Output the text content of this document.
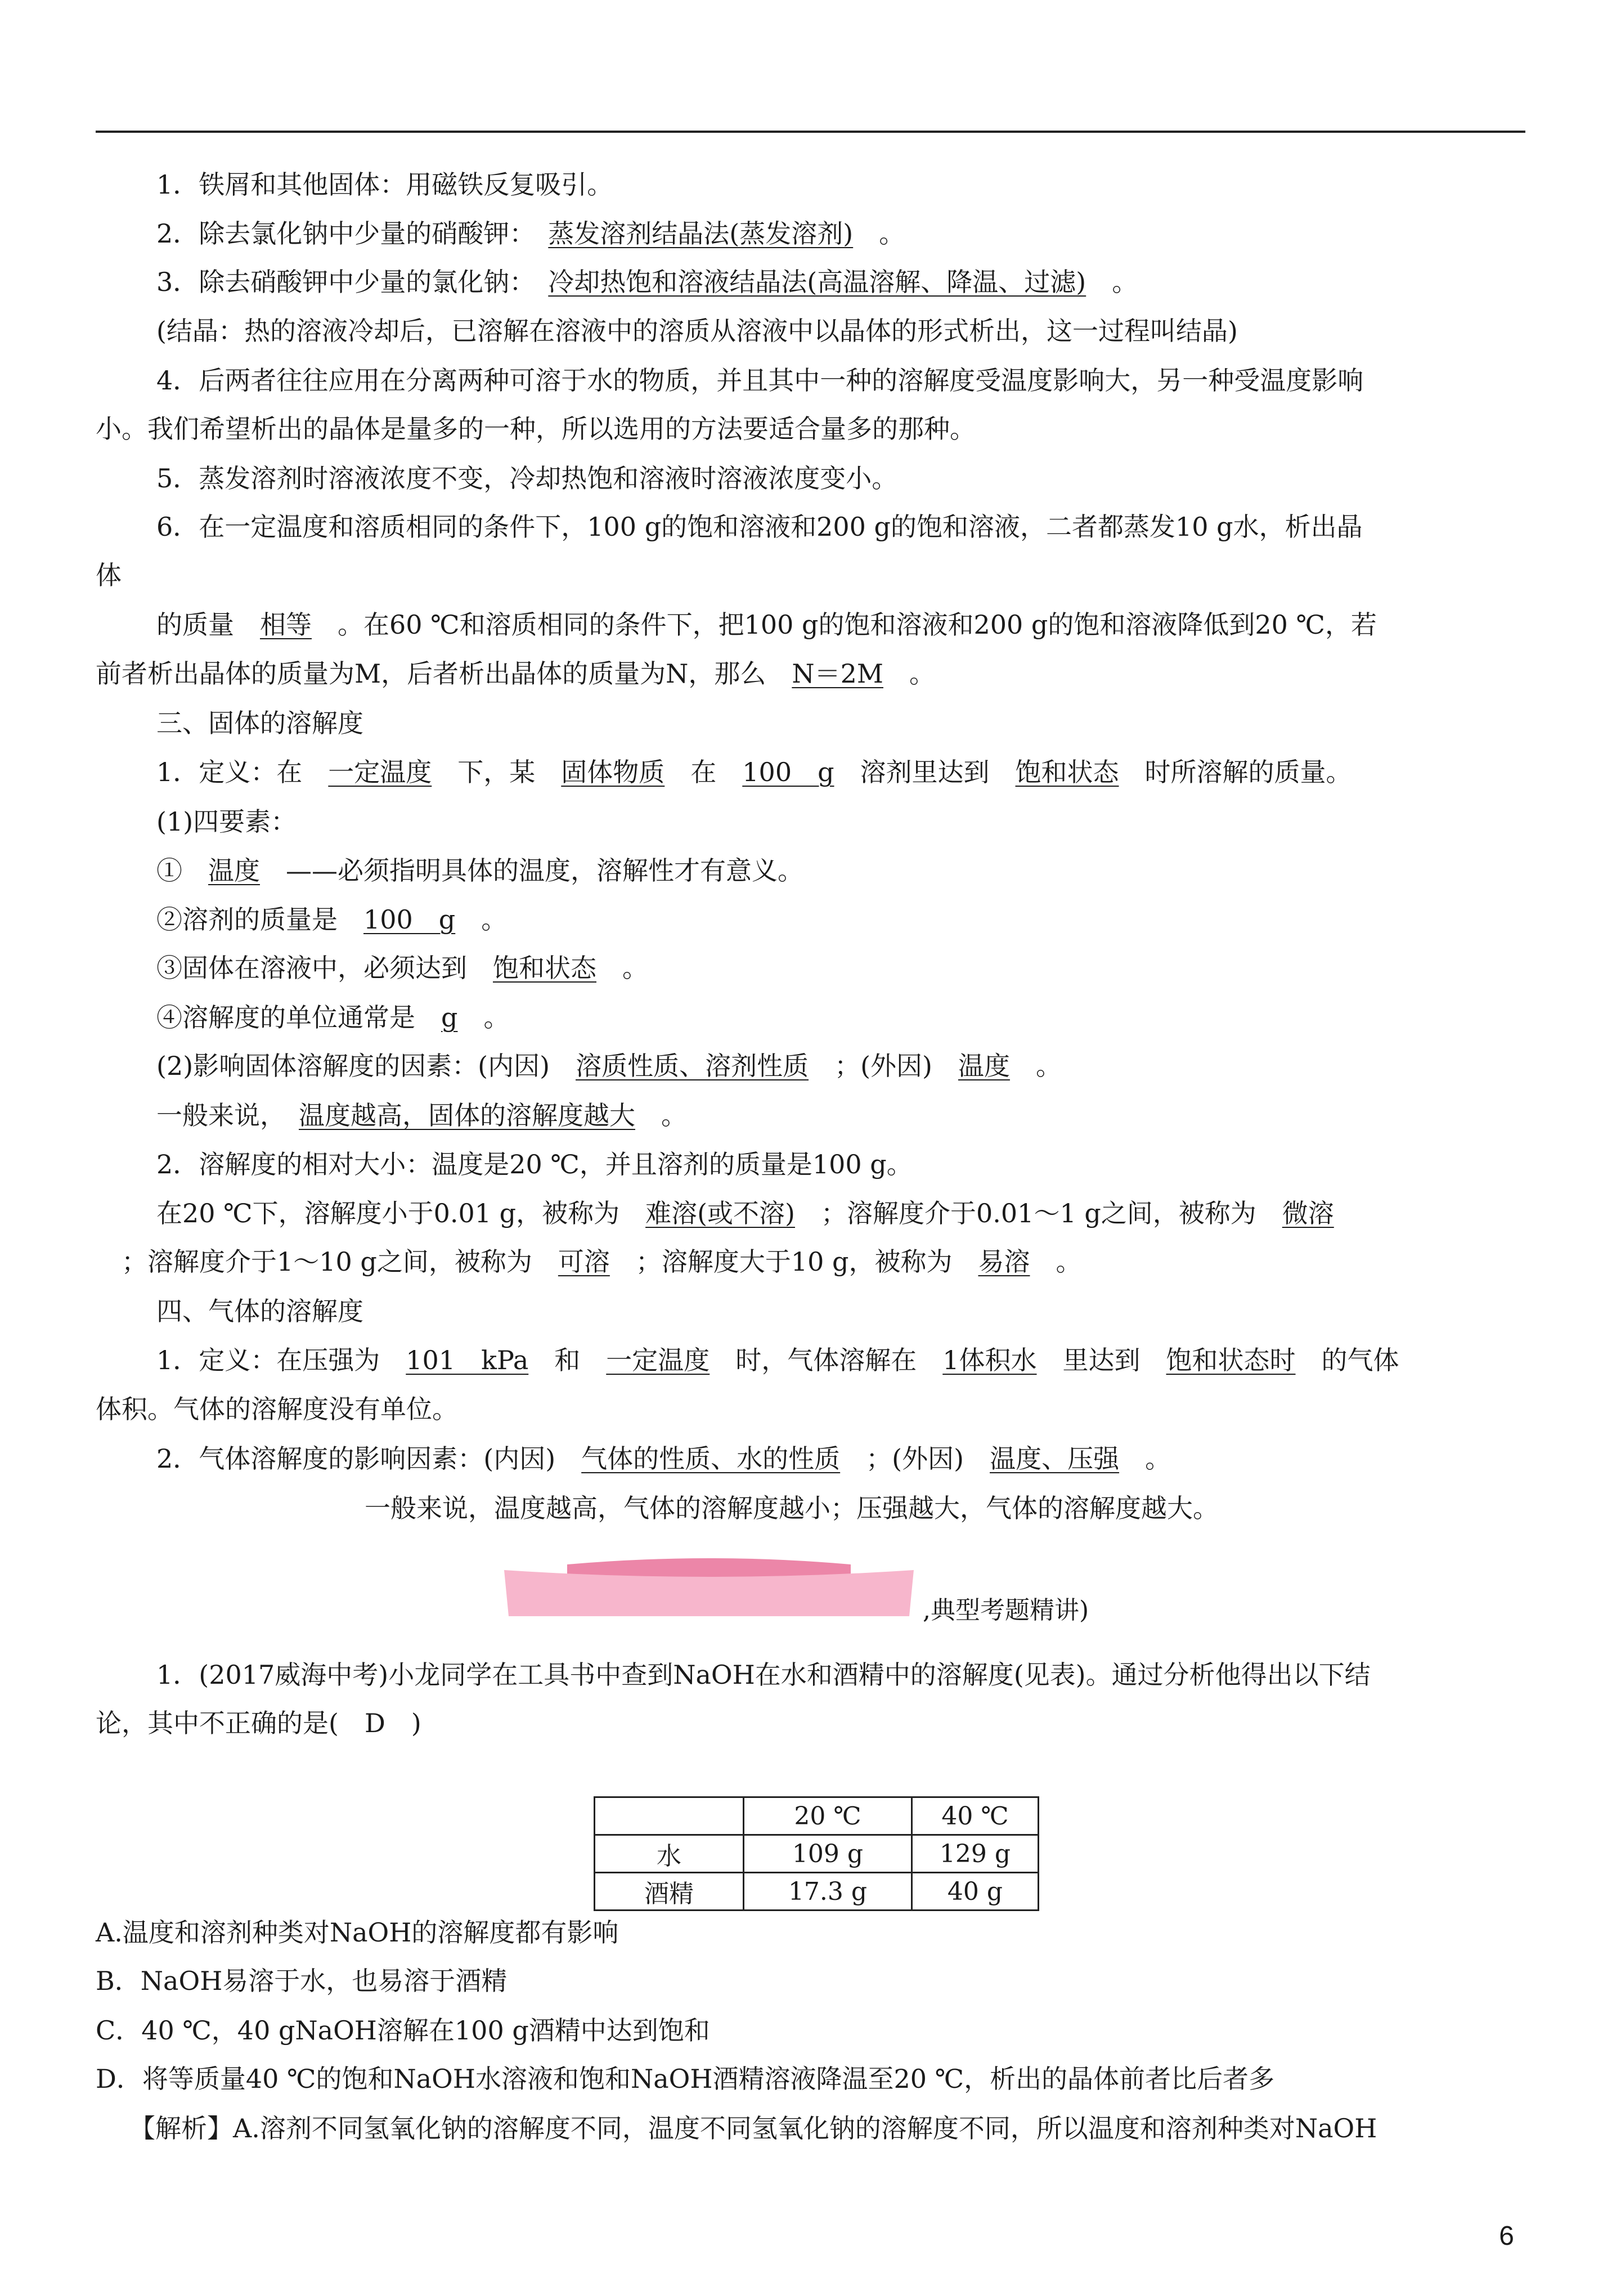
1．铁屑和其他固体：用磁铁反复吸引。
2．除去氯化钠中少量的硝酸钾：　 蒸发溶剂结晶法(蒸发溶剂)　。
3．除去硝酸钾中少量的氯化钠：　 冷却热饱和溶液结晶法(高温溶解、降温、过滤)　。
(结晶：热的溶液冷却后，已溶解在溶液中的溶质从溶液中以晶体的形式析出，这一过程叫结晶)
4．后两者往往应用在分离两种可溶于水的物质，并且其中一种的溶解度受温度影响大，另一种受温度影响
小。我们希望析出的晶体是量多的一种，所以选用的方法要适合量多的那种。
5．蒸发溶剂时溶液浓度不变，冷却热饱和溶液时溶液浓度变小。
6．在一定温度和溶质相同的条件下，100 g的饱和溶液和200 g的饱和溶液，二者都蒸发10 g水，析出晶
体
的质量　 相等　 。在60 ℃和溶质相同的条件下，把100 g的饱和溶液和200 g的饱和溶液降低到20 ℃，若
前者析出晶体的质量为M，后者析出晶体的质量为N，那么　 N＝2M　。
三、固体的溶解度
1．定义：在　 一定温度　 下，某　 固体物质　 在　 100　g　 溶剂里达到　 饱和状态　 时所溶解的质量。
(1)四要素：
①　 温度　 ——必须指明具体的温度，溶解性才有意义。
②溶剂的质量是　 100　g　。
③固体在溶液中，必须达到　 饱和状态　。
④溶解度的单位通常是　 g　。
(2)影响固体溶解度的因素：(内因)　 溶质性质、溶剂性质　 ；(外因)　 温度　。
一般来说，　 温度越高，固体的溶解度越大　。
2．溶解度的相对大小：温度是20 ℃，并且溶剂的质量是100 g。
在20 ℃下，溶解度小于0.01 g，被称为　 难溶(或不溶)　 ；溶解度介于0.01～1 g之间，被称为　 微溶
　；溶解度介于1～10 g之间，被称为　 可溶　 ；溶解度大于10 g，被称为　 易溶　。
四、气体的溶解度
1．定义：在压强为　 101　kPa　 和　 一定温度　 时，气体溶解在　 1体积水　 里达到　 饱和状态时　 的气体
体积。气体的溶解度没有单位。
2．气体溶解度的影响因素：(内因)　 气体的性质、水的性质　 ；(外因)　 温度、压强　。
一般来说，温度越高，气体的溶解度越小；压强越大，气体的溶解度越大。
,典型考题精讲)
1．(2017威海中考)小龙同学在工具书中查到NaOH在水和酒精中的溶解度(见表)。通过分析他得出以下结
论，其中不正确的是(　D　)
	20 ℃	40 ℃
水	109 g	129 g
酒精	17.3 g	40 g
A.温度和溶剂种类对NaOH的溶解度都有影响
B．NaOH易溶于水，也易溶于酒精
C．40 ℃，40 gNaOH溶解在100 g酒精中达到饱和
D．将等质量40 ℃的饱和NaOH水溶液和饱和NaOH酒精溶液降温至20 ℃，析出的晶体前者比后者多
【解析】A.溶剂不同氢氧化钠的溶解度不同，温度不同氢氧化钠的溶解度不同，所以温度和溶剂种类对NaOH
6
